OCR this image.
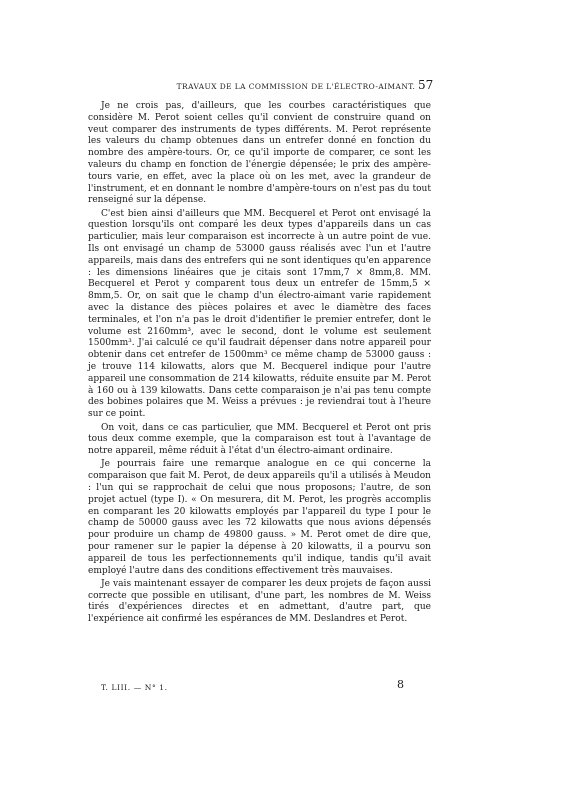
TRAVAUX DE LA COMMISSION DE L'ÉLECTRO-AIMANT. 57

Je ne crois pas, d'ailleurs, que les courbes caractéristiques que considère M. Perot soient celles qu'il convient de construire quand on veut comparer des instruments de types différents. M. Perot représente les valeurs du champ obtenues dans un entrefer donné en fonction du nombre des ampère-tours. Or, ce qu'il importe de comparer, ce sont les valeurs du champ en fonction de l'énergie dépensée; le prix des ampère-tours varie, en effet, avec la place où on les met, avec la grandeur de l'instrument, et en donnant le nombre d'ampère-tours on n'est pas du tout renseigné sur la dépense.

C'est bien ainsi d'ailleurs que MM. Becquerel et Perot ont envisagé la question lorsqu'ils ont comparé les deux types d'appareils dans un cas particulier, mais leur comparaison est incorrecte à un autre point de vue. Ils ont envisagé un champ de 53000 gauss réalisés avec l'un et l'autre appareils, mais dans des entrefers qui ne sont identiques qu'en apparence : les dimensions linéaires que je citais sont 17mm,7 × 8mm,8. MM. Becquerel et Perot y comparent tous deux un entrefer de 15mm,5 × 8mm,5. Or, on sait que le champ d'un électro-aimant varie rapidement avec la distance des pièces polaires et avec le diamètre des faces terminales, et l'on n'a pas le droit d'identifier le premier entrefer, dont le volume est 2160mm³, avec le second, dont le volume est seulement 1500mm³. J'ai calculé ce qu'il faudrait dépenser dans notre appareil pour obtenir dans cet entrefer de 1500mm³ ce même champ de 53000 gauss : je trouve 114 kilowatts, alors que M. Becquerel indique pour l'autre appareil une consommation de 214 kilowatts, réduite ensuite par M. Perot à 160 ou à 139 kilowatts. Dans cette comparaison je n'ai pas tenu compte des bobines polaires que M. Weiss a prévues : je reviendrai tout à l'heure sur ce point.

On voit, dans ce cas particulier, que MM. Becquerel et Perot ont pris tous deux comme exemple, que la comparaison est tout à l'avantage de notre appareil, même réduit à l'état d'un électro-aimant ordinaire.

Je pourrais faire une remarque analogue en ce qui concerne la comparaison que fait M. Perot, de deux appareils qu'il a utilisés à Meudon : l'un qui se rapprochait de celui que nous proposons; l'autre, de son projet actuel (type I). « On mesurera, dit M. Perot, les progrès accomplis en comparant les 20 kilowatts employés par l'appareil du type I pour le champ de 50000 gauss avec les 72 kilowatts que nous avions dépensés pour produire un champ de 49800 gauss. » M. Perot omet de dire que, pour ramener sur le papier la dépense à 20 kilowatts, il a pourvu son appareil de tous les perfectionnements qu'il indique, tandis qu'il avait employé l'autre dans des conditions effectivement très mauvaises.

Je vais maintenant essayer de comparer les deux projets de façon aussi correcte que possible en utilisant, d'une part, les nombres de M. Weiss tirés d'expériences directes et en admettant, d'autre part, que l'expérience ait confirmé les espérances de MM. Deslandres et Perot.

T. LIII. — N° 1.	8
